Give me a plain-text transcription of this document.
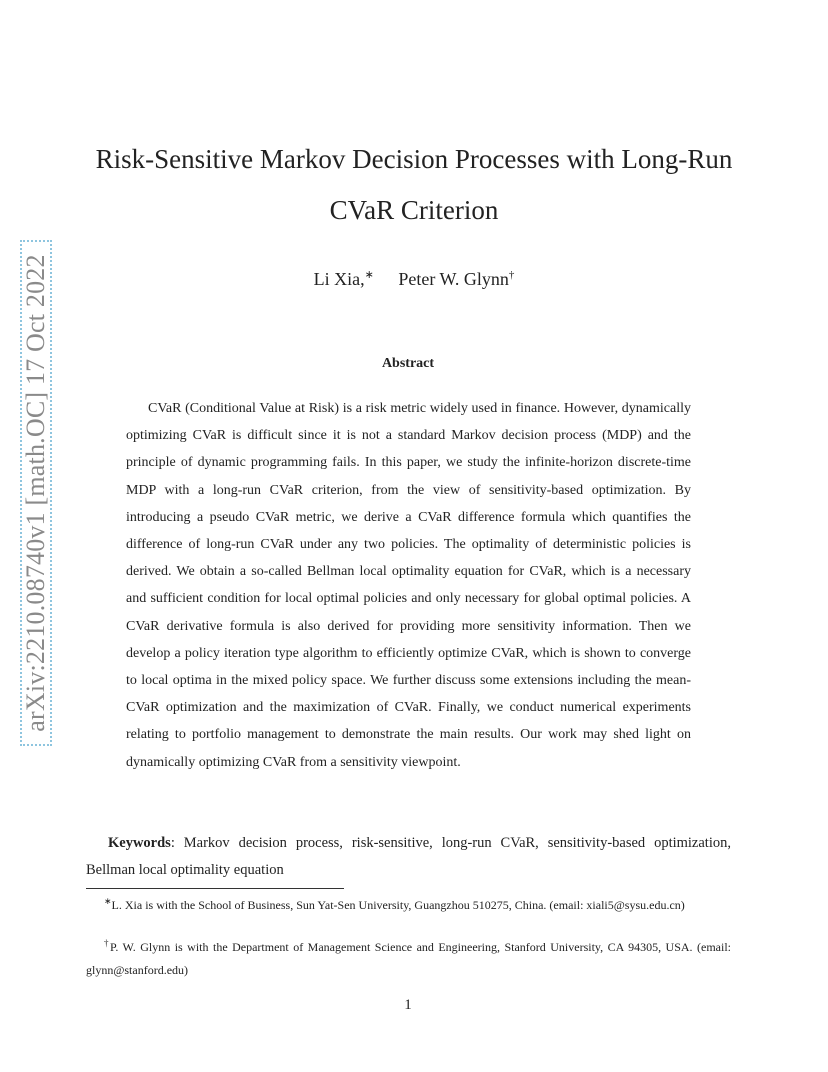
arXiv:2210.08740v1 [math.OC] 17 Oct 2022
Risk-Sensitive Markov Decision Processes with Long-Run
CVaR Criterion
Li Xia,∗ Peter W. Glynn†
Abstract

CVaR (Conditional Value at Risk) is a risk metric widely used in finance. However, dynamically optimizing CVaR is difficult since it is not a standard Markov decision process (MDP) and the principle of dynamic programming fails. In this paper, we study the infinite-horizon discrete-time MDP with a long-run CVaR criterion, from the view of sensitivity-based optimization. By introducing a pseudo CVaR metric, we derive a CVaR difference formula which quantifies the difference of long-run CVaR under any two policies. The optimality of deterministic policies is derived. We obtain a so-called Bellman local optimality equation for CVaR, which is a necessary and sufficient condition for local optimal policies and only necessary for global optimal policies. A CVaR derivative formula is also derived for providing more sensitivity information. Then we develop a policy iteration type algorithm to efficiently optimize CVaR, which is shown to converge to local optima in the mixed policy space. We further discuss some extensions including the mean-CVaR optimization and the maximization of CVaR. Finally, we conduct numerical experiments relating to portfolio management to demonstrate the main results. Our work may shed light on dynamically optimizing CVaR from a sensitivity viewpoint.

Keywords: Markov decision process, risk-sensitive, long-run CVaR, sensitivity-based optimization, Bellman local optimality equation

∗L. Xia is with the School of Business, Sun Yat-Sen University, Guangzhou 510275, China. (email: xiali5@sysu.edu.cn)

†P. W. Glynn is with the Department of Management Science and Engineering, Stanford University, CA 94305, USA. (email: glynn@stanford.edu)

1
